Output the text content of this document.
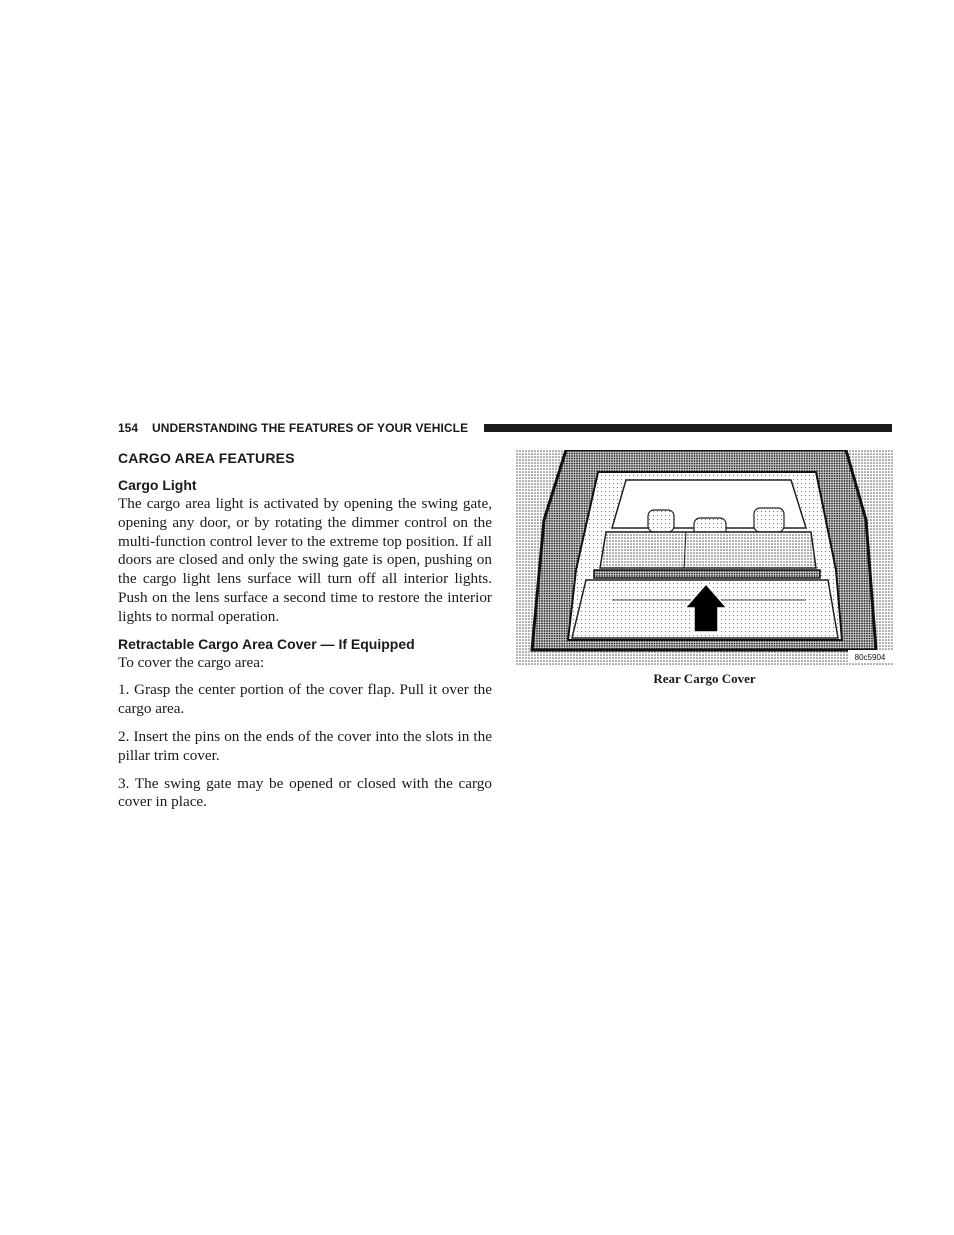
154 UNDERSTANDING THE FEATURES OF YOUR VEHICLE
CARGO AREA FEATURES
Cargo Light

The cargo area light is activated by opening the swing gate, opening any door, or by rotating the dimmer control on the multi-function control lever to the extreme top position. If all doors are closed and only the swing gate is open, pushing on the cargo light lens surface will turn off all interior lights. Push on the lens surface a second time to restore the interior lights to normal operation.

Retractable Cargo Area Cover — If Equipped

To cover the cargo area:

1. Grasp the center portion of the cover flap. Pull it over the cargo area.

2. Insert the pins on the ends of the cover into the slots in the pillar trim cover.

3. The swing gate may be opened or closed with the cargo cover in place.

80c5904
Rear Cargo Cover
